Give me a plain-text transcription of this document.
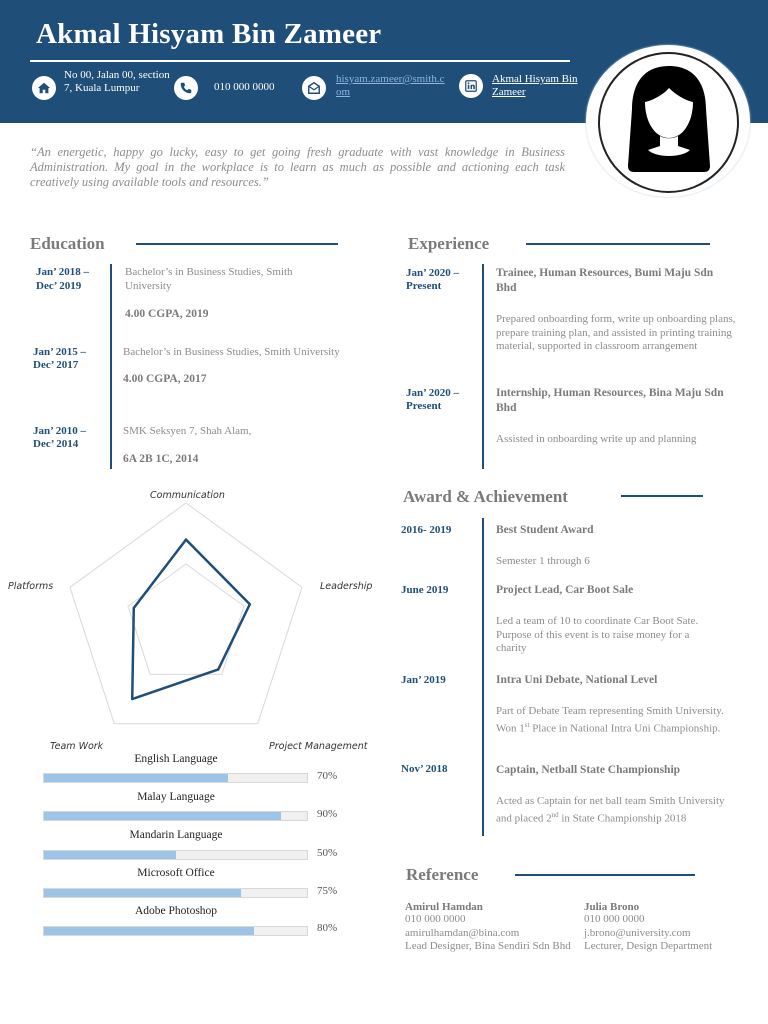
Akmal Hisyam Bin Zameer
No 00, Jalan 00, section 7, Kuala Lumpur	010 000 0000
hisyam.zameer@smith.com
Akmal Hisyam Bin Zameer
“An energetic, happy go lucky, easy to get going fresh graduate with vast knowledge in Business Administration. My goal in the workplace is to learn as much as possible and actioning each task creatively using available tools and resources.”
Education
Jan’ 2018 –
Dec’ 2019
Bachelor’s in Business Studies, Smith University
4.00 CGPA, 2019
Jan’ 2015 –
Dec’ 2017
Bachelor’s in Business Studies, Smith University
4.00 CGPA, 2017
Jan’ 2010 –
Dec’ 2014
SMK Seksyen 7, Shah Alam,
6A 2B 1C, 2014
Experience
Jan’ 2020 –
Present
Trainee, Human Resources, Bumi Maju Sdn Bhd
Prepared onboarding form, write up onboarding plans, prepare training plan, and assisted in printing training material, supported in classroom arrangement
Jan’ 2020 –
Present
Internship, Human Resources, Bina Maju Sdn Bhd
Assisted in onboarding write up and planning
Communication
Leadership
Project Management
Team Work
Platforms
English Language
70%
Malay Language
90%
Mandarin Language
50%
Microsoft Office
75%
Adobe Photoshop
80%
Award & Achievement
2016- 2019	Best Student Award
Semester 1 through 6
June 2019	Project Lead, Car Boot Sale
Led a team of 10 to coordinate Car Boot Sate. Purpose of this event is to raise money for a charity
Jan’ 2019	Intra Uni Debate, National Level
Part of Debate Team representing Smith University. Won 1st Place in National Intra Uni Championship.
Nov’ 2018	Captain, Netball State Championship
Acted as Captain for net ball team Smith University and placed 2nd in State Championship 2018
Reference
Amirul Hamdan
010 000 0000
amirulhamdan@bina.com
Lead Designer, Bina Sendiri Sdn Bhd
Julia Brono
010 000 0000
j.brono@university.com
Lecturer, Design Department
